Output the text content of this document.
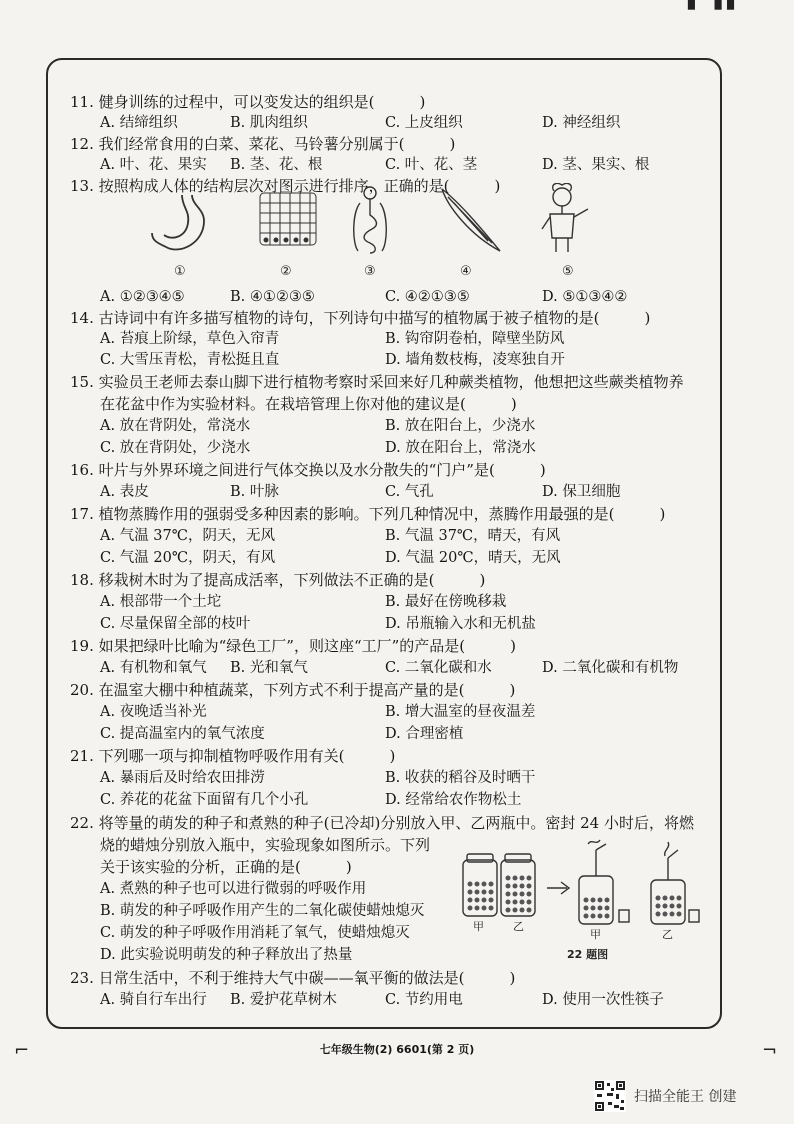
▘ ▝ ▘
⌐	¬
11. 健身训练的过程中，可以变发达的组织是(　　　)
A. 结缔组织	B. 肌肉组织	C. 上皮组织	D. 神经组织
12. 我们经常食用的白菜、菜花、马铃薯分别属于(　　　)
A. 叶、花、果实 B. 茎、花、根	C. 叶、花、茎	D. 茎、果实、根
13. 按照构成人体的结构层次对图示进行排序，正确的是(　　　)
①	②	③	④	⑤
A. ①②③④⑤	B. ④①②③⑤	C. ④②①③⑤	D. ⑤①③④②
14. 古诗词中有许多描写植物的诗句，下列诗句中描写的植物属于被子植物的是(　　　)
A. 苔痕上阶绿，草色入帘青	B. 钩帘阴卷柏，障壁坐防风
C. 大雪压青松，青松挺且直	D. 墙角数枝梅，凌寒独自开
15. 实验员王老师去泰山脚下进行植物考察时采回来好几种蕨类植物，他想把这些蕨类植物养
在花盆中作为实验材料。在栽培管理上你对他的建议是(　　　)
A. 放在背阴处，常浇水	B. 放在阳台上，少浇水
C. 放在背阴处，少浇水	D. 放在阳台上，常浇水
16. 叶片与外界环境之间进行气体交换以及水分散失的“门户”是(　　　)
A. 表皮	B. 叶脉	C. 气孔	D. 保卫细胞
17. 植物蒸腾作用的强弱受多种因素的影响。下列几种情况中，蒸腾作用最强的是(　　　)
A. 气温 37℃，阴天，无风	B. 气温 37℃，晴天，有风
C. 气温 20℃，阴天，有风	D. 气温 20℃，晴天，无风
18. 移栽树木时为了提高成活率，下列做法不正确的是(　　　)
A. 根部带一个土坨	B. 最好在傍晚移栽
C. 尽量保留全部的枝叶	D. 吊瓶输入水和无机盐
19. 如果把绿叶比喻为“绿色工厂”，则这座“工厂”的产品是(　　　)
A. 有机物和氧气 B. 光和氧气	C. 二氧化碳和水	D. 二氧化碳和有机物
20. 在温室大棚中种植蔬菜，下列方式不利于提高产量的是(　　　)
A. 夜晚适当补光	B. 增大温室的昼夜温差
C. 提高温室内的氧气浓度	D. 合理密植
21. 下列哪一项与抑制植物呼吸作用有关(　　　)
A. 暴雨后及时给农田排涝	B. 收获的稻谷及时晒干
C. 养花的花盆下面留有几个小孔	D. 经常给农作物松土
22. 将等量的萌发的种子和煮熟的种子(已冷却)分别放入甲、乙两瓶中。密封 24 小时后，将燃
烧的蜡烛分别放入瓶中，实验现象如图所示。下列
关于该实验的分析，正确的是(　　　)
A. 煮熟的种子也可以进行微弱的呼吸作用
B. 萌发的种子呼吸作用产生的二氧化碳使蜡烛熄灭
C. 萌发的种子呼吸作用消耗了氧气，使蜡烛熄灭
D. 此实验说明萌发的种子释放出了热量
甲	乙
甲	乙
22 题图
23. 日常生活中，不利于维持大气中碳——氧平衡的做法是(　　　)
A. 骑自行车出行 B. 爱护花草树木	C. 节约用电	D. 使用一次性筷子
七年级生物(2) 6601(第 2 页)
扫描全能王 创建
